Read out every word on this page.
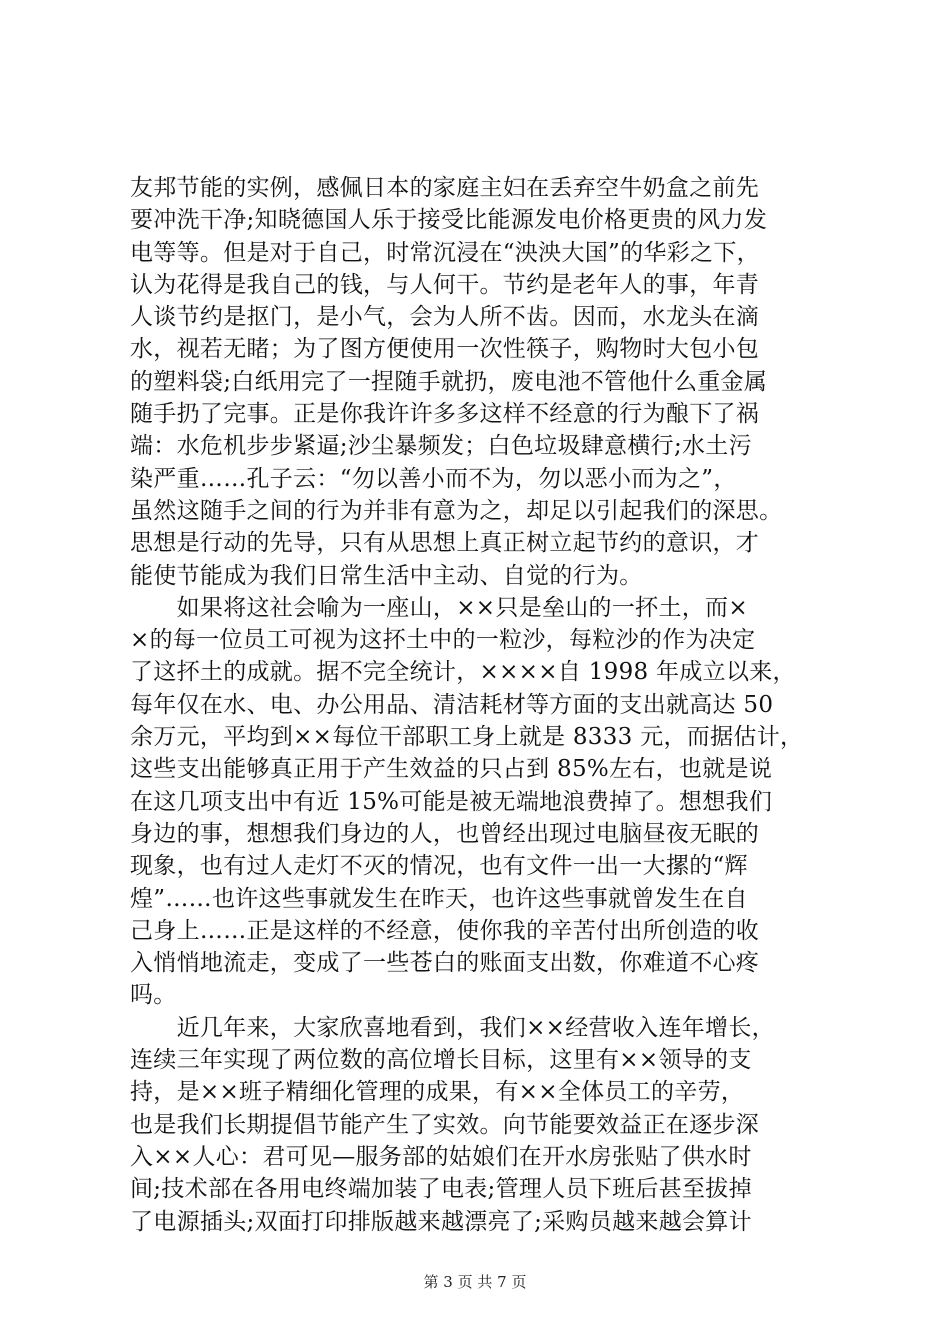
友邦节能的实例，感佩日本的家庭主妇在丢弃空牛奶盒之前先
要冲洗干净;知晓德国人乐于接受比能源发电价格更贵的风力发
电等等。但是对于自己，时常沉浸在“泱泱大国”的华彩之下，
认为花得是我自己的钱，与人何干。节约是老年人的事，年青
人谈节约是抠门，是小气，会为人所不齿。因而，水龙头在滴
水，视若无睹；为了图方便使用一次性筷子，购物时大包小包
的塑料袋;白纸用完了一捏随手就扔，废电池不管他什么重金属
随手扔了完事。正是你我许许多多这样不经意的行为酿下了祸
端：水危机步步紧逼;沙尘暴频发；白色垃圾肆意横行;水土污
染严重……孔子云：“勿以善小而不为，勿以恶小而为之”，
虽然这随手之间的行为并非有意为之，却足以引起我们的深思。
思想是行动的先导，只有从思想上真正树立起节约的意识，才
能使节能成为我们日常生活中主动、自觉的行为。
　　如果将这社会喻为一座山，××只是垒山的一抔土，而×
×的每一位员工可视为这抔土中的一粒沙，每粒沙的作为决定
了这抔土的成就。据不完全统计，××××自 1998 年成立以来，
每年仅在水、电、办公用品、清洁耗材等方面的支出就高达 50
余万元，平均到××每位干部职工身上就是 8333 元，而据估计，
这些支出能够真正用于产生效益的只占到 85%左右，也就是说
在这几项支出中有近 15%可能是被无端地浪费掉了。想想我们
身边的事，想想我们身边的人，也曾经出现过电脑昼夜无眠的
现象，也有过人走灯不灭的情况，也有文件一出一大摞的“辉
煌”……也许这些事就发生在昨天，也许这些事就曾发生在自
己身上……正是这样的不经意，使你我的辛苦付出所创造的收
入悄悄地流走，变成了一些苍白的账面支出数，你难道不心疼
吗。
　　近几年来，大家欣喜地看到，我们××经营收入连年增长，
连续三年实现了两位数的高位增长目标，这里有××领导的支
持，是××班子精细化管理的成果，有××全体员工的辛劳，
也是我们长期提倡节能产生了实效。向节能要效益正在逐步深
入××人心：君可见—服务部的姑娘们在开水房张贴了供水时
间;技术部在各用电终端加装了电表;管理人员下班后甚至拔掉
了电源插头;双面打印排版越来越漂亮了;采购员越来越会算计
第 3 页 共 7 页
